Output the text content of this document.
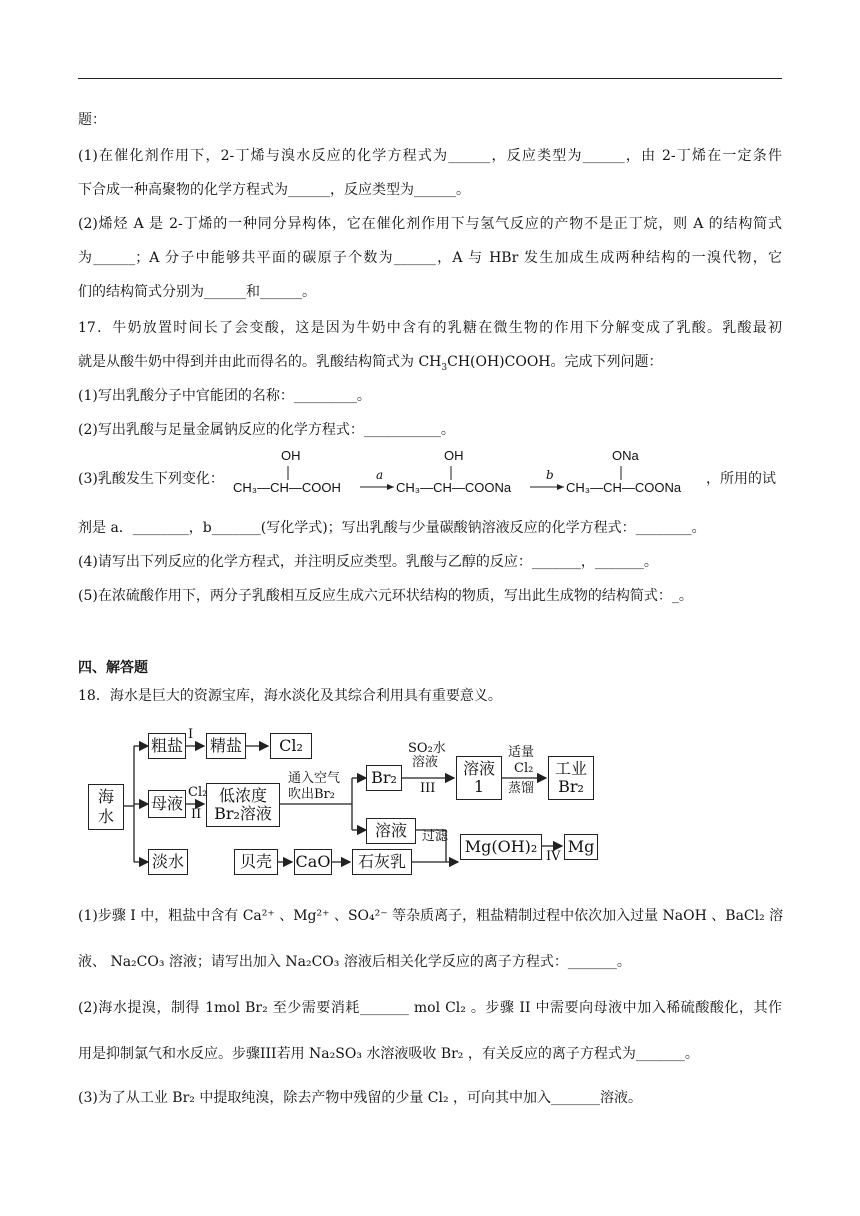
题：
(1)在催化剂作用下，2-丁烯与溴水反应的化学方程式为______，反应类型为______，由 2-丁烯在一定条件
下合成一种高聚物的化学方程式为______，反应类型为______。
(2)烯烃 A 是 2-丁烯的一种同分异构体，它在催化剂作用下与氢气反应的产物不是正丁烷，则 A 的结构简式
为______；A 分子中能够共平面的碳原子个数为______，A 与 HBr 发生加成生成两种结构的一溴代物，它
们的结构简式分别为______和______。
17．牛奶放置时间长了会变酸，这是因为牛奶中含有的乳糖在微生物的作用下分解变成了乳酸。乳酸最初
就是从酸牛奶中得到并由此而得名的。乳酸结构简式为 $CH_3CH(OH)COOH$。完成下列问题：
(1)写出乳酸分子中官能团的名称：_________。
(2)写出乳酸与足量金属钠反应的化学方程式：___________。
(3)乳酸发生下列变化：
OH
CH₃—CH—COOH
a
OH
CH₃—CH—COONa
b
ONa
CH₃—CH—COONa
，所用的试
剂是 a．________，b_______(写化学式)；写出乳酸与少量碳酸钠溶液反应的化学方程式：________。
(4)请写出下列反应的化学方程式，并注明反应类型。乳酸与乙醇的反应：_______，_______。
(5)在浓硫酸作用下，两分子乳酸相互反应生成六元环状结构的物质，写出此生成物的结构简式：_。
四、解答题
18．海水是巨大的资源宝库，海水淡化及其综合利用具有重要意义。
海水
粗盐 精盐	Cl₂
母液 低浓度
Br₂溶液
Br₂	溶液
1
工业
Br₂
溶液
Mg(OH)₂ Mg
淡水	贝壳	CaO	石灰乳
I
Cl₂
II
通入空气
吹出Br₂
SO₂水
溶液
III
适量
Cl₂
蒸馏
过滤
IV
(1)步骤 I 中，粗盐中含有 Ca²⁺ 、Mg²⁺ 、SO₄²⁻ 等杂质离子，粗盐精制过程中依次加入过量 NaOH 、BaCl₂ 溶
液、 Na₂CO₃ 溶液；请写出加入 Na₂CO₃ 溶液后相关化学反应的离子方程式：_______。
(2)海水提溴，制得 1mol Br₂ 至少需要消耗_______ mol Cl₂ 。步骤 II 中需要向母液中加入稀硫酸酸化，其作
用是抑制氯气和水反应。步骤III若用 Na₂SO₃ 水溶液吸收 Br₂ ，有关反应的离子方程式为_______。
(3)为了从工业 Br₂ 中提取纯溴，除去产物中残留的少量 Cl₂ ，可向其中加入_______溶液。
